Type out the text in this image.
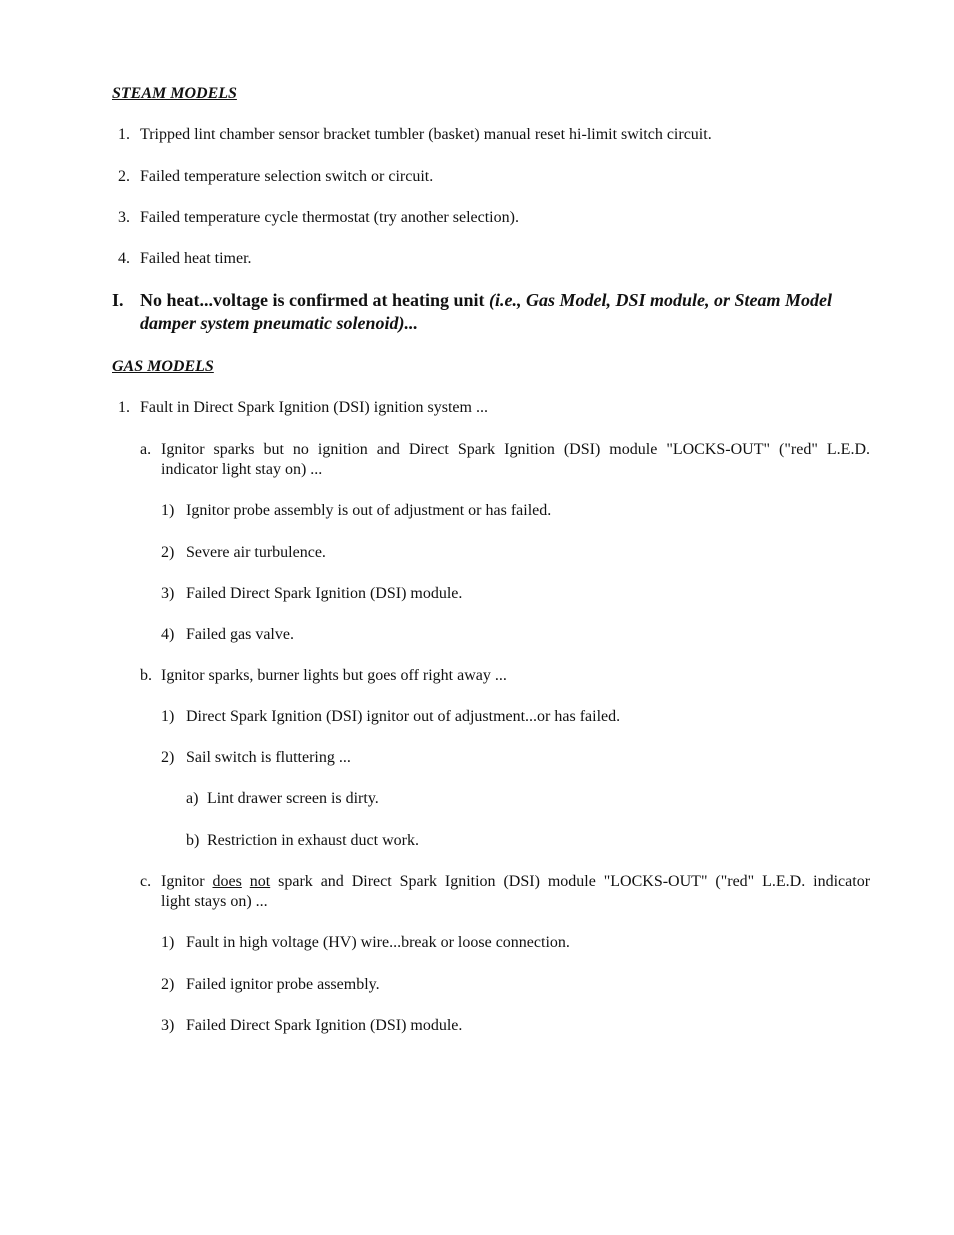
STEAM MODELS
1. Tripped lint chamber sensor bracket tumbler (basket) manual reset hi-limit switch circuit.
2. Failed temperature selection switch or circuit.
3. Failed temperature cycle thermostat (try another selection).
4. Failed heat timer.
I. No heat...voltage is confirmed at heating unit (i.e., Gas Model, DSI module, or Steam Model
damper system pneumatic solenoid)...
GAS MODELS
1. Fault in Direct Spark Ignition (DSI) ignition system ...
a. Ignitor sparks but no ignition and Direct Spark Ignition (DSI) module "LOCKS-OUT" ("red" L.E.D.
indicator light stay on) ...
1) Ignitor probe assembly is out of adjustment or has failed.
2) Severe air turbulence.
3) Failed Direct Spark Ignition (DSI) module.
4) Failed gas valve.
b. Ignitor sparks, burner lights but goes off right away ...
1) Direct Spark Ignition (DSI) ignitor out of adjustment...or has failed.
2) Sail switch is fluttering ...
a) Lint drawer screen is dirty.
b) Restriction in exhaust duct work.
c. Ignitor does not spark and Direct Spark Ignition (DSI) module "LOCKS-OUT" ("red" L.E.D. indicator
light stays on) ...
1) Fault in high voltage (HV) wire...break or loose connection.
2) Failed ignitor probe assembly.
3) Failed Direct Spark Ignition (DSI) module.
